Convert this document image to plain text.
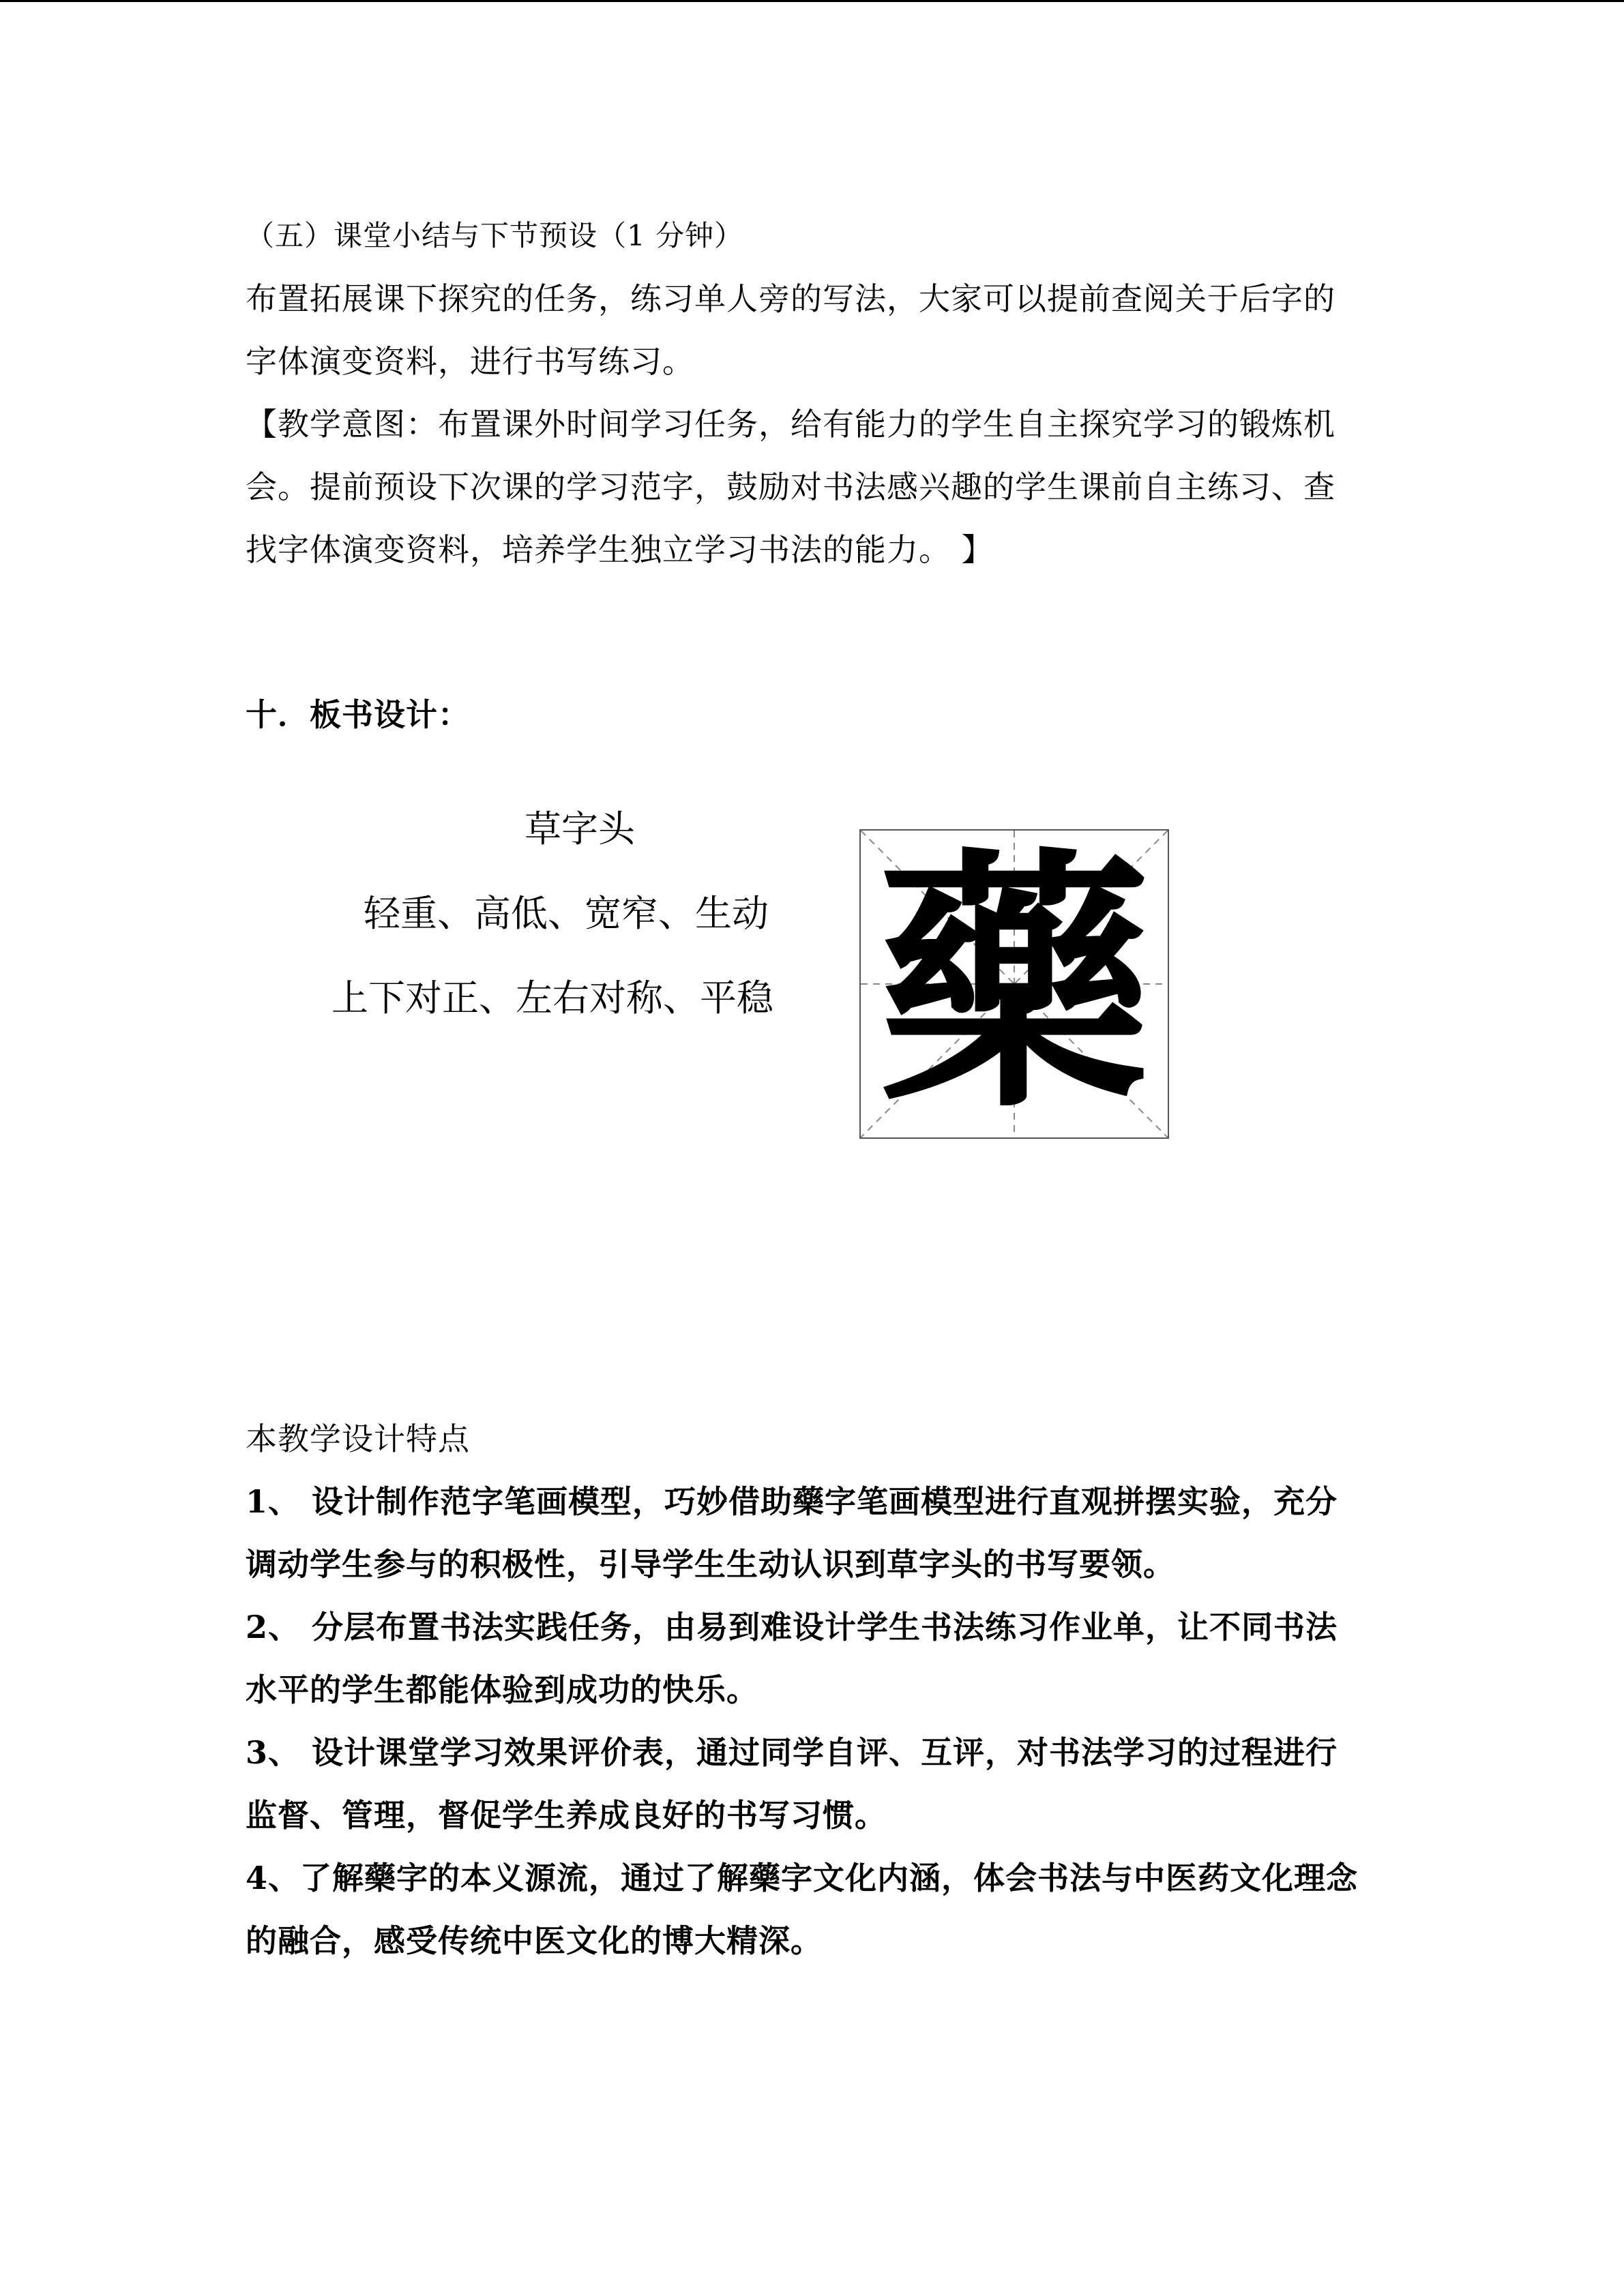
（五）课堂小结与下节预设（1 分钟）
布置拓展课下探究的任务，练习单人旁的写法，大家可以提前查阅关于后字的
字体演变资料，进行书写练习。
【教学意图：布置课外时间学习任务，给有能力的学生自主探究学习的锻炼机
会。提前预设下次课的学习范字，鼓励对书法感兴趣的学生课前自主练习、查
找字体演变资料，培养学生独立学习书法的能力。 】
十．板书设计：
草字头
轻重、高低、宽窄、生动
上下对正、左右对称、平稳 藥
本教学设计特点
1、 设计制作范字笔画模型，巧妙借助藥字笔画模型进行直观拼摆实验，充分
调动学生参与的积极性，引导学生生动认识到草字头的书写要领。
2、 分层布置书法实践任务，由易到难设计学生书法练习作业单，让不同书法
水平的学生都能体验到成功的快乐。
3、 设计课堂学习效果评价表，通过同学自评、互评，对书法学习的过程进行
监督、管理，督促学生养成良好的书写习惯。
4、了解藥字的本义源流，通过了解藥字文化内涵，体会书法与中医药文化理念
的融合，感受传统中医文化的博大精深。
